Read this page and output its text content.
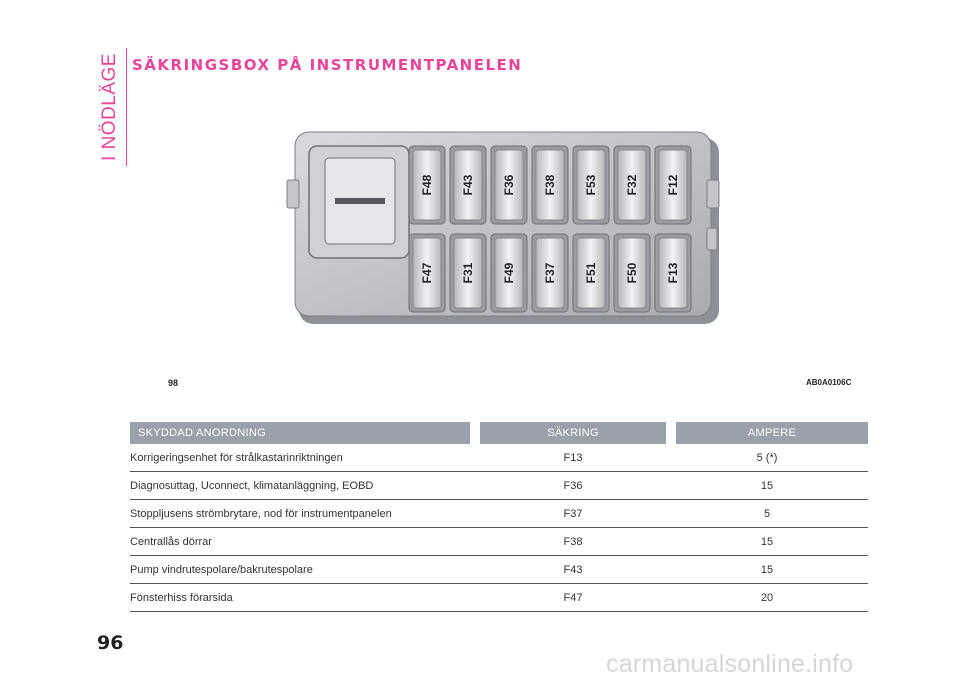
I NÖDLÄGE SÄKRINGSBOX PÅ INSTRUMENTPANELEN
F48 F43 F36 F38 F53 F32 F12
F47 F31 F49 F37 F51 F50 F13
98	AB0A0106C
SKYDDAD ANORDNING	SÄKRING	AMPERE
Korrigeringsenhet för strålkastarinriktningen	F13	5 (*)
Diagnosuttag, Uconnect, klimatanläggning, EOBD	F36	15
Stoppljusens strömbrytare, nod för instrumentpanelen	F37	5
Centrallås dörrar	F38	15
Pump vindrutespolare/bakrutespolare	F43	15
Fönsterhiss förarsida	F47	20
96
carmanualsonline.info
